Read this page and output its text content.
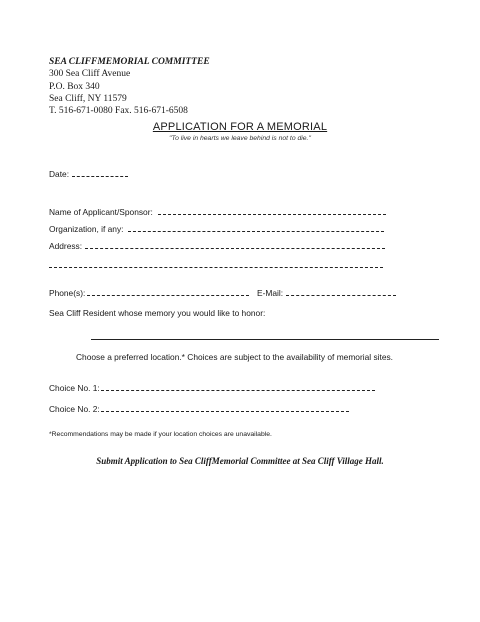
SEA CLIFFMEMORIAL COMMITTEE
300 Sea Cliff Avenue
P.O. Box 340
Sea Cliff, NY 11579
T. 516-671-0080 Fax. 516-671-6508
APPLICATION FOR A MEMORIAL
"To live in hearts we leave behind is not to die."
Date:
Name of Applicant/Sponsor:
Organization, if any:
Address:
Phone(s):	E-Mail:
Sea Cliff Resident whose memory you would like to honor:
Choose a preferred location.* Choices are subject to the availability of memorial sites.
Choice No. 1:
Choice No. 2:
*Recommendations may be made if your location choices are unavailable.
Submit Application to Sea CliffMemorial Committee at Sea Cliff Village Hall.
